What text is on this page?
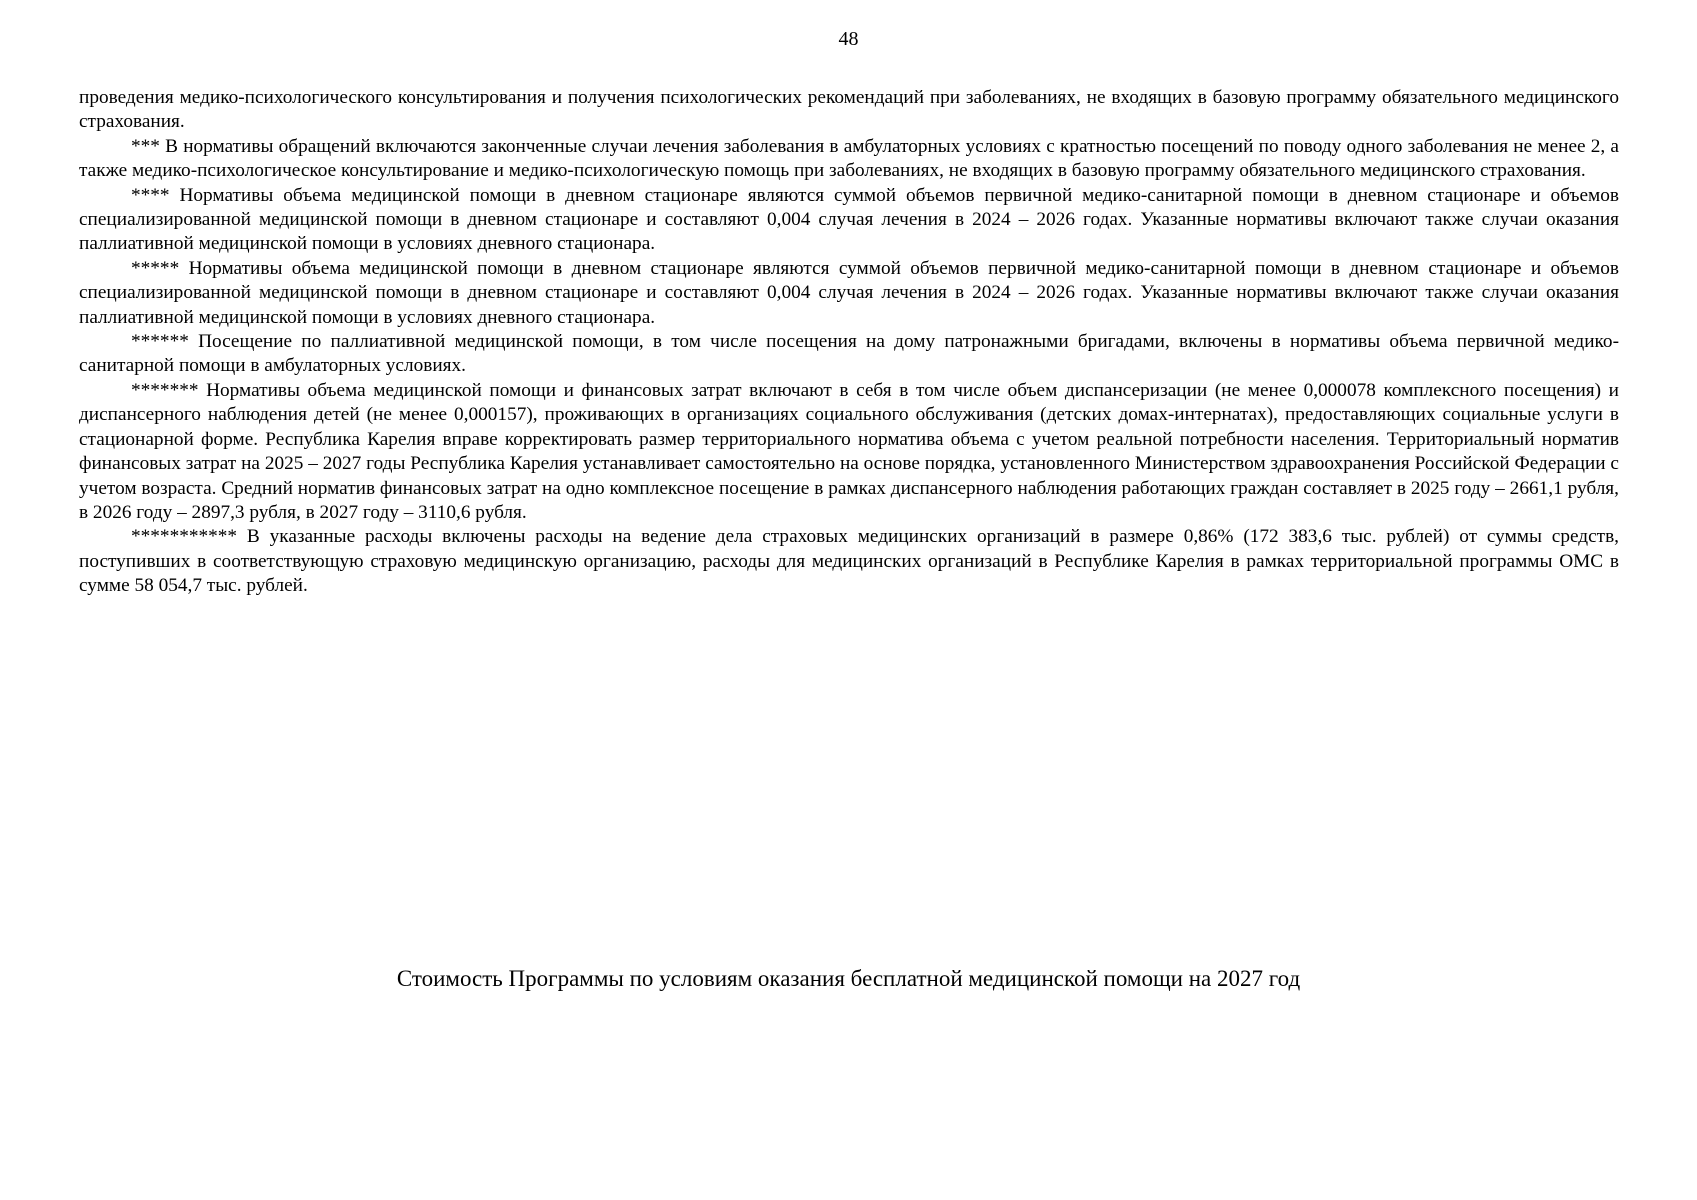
48

проведения медико-психологического консультирования и получения психологических рекомендаций при заболеваниях, не входящих в базовую программу обязательного медицинского страхования.

*** В нормативы обращений включаются законченные случаи лечения заболевания в амбулаторных условиях с кратностью посещений по поводу одного заболевания не менее 2, а также медико-психологическое консультирование и медико-психологическую помощь при заболеваниях, не входящих в базовую программу обязательного медицинского страхования.

**** Нормативы объема медицинской помощи в дневном стационаре являются суммой объемов первичной медико-санитарной помощи в дневном стационаре и объемов специализированной медицинской помощи в дневном стационаре и составляют 0,004 случая лечения в 2024 – 2026 годах. Указанные нормативы включают также случаи оказания паллиативной медицинской помощи в условиях дневного стационара.

***** Нормативы объема медицинской помощи в дневном стационаре являются суммой объемов первичной медико-санитарной помощи в дневном стационаре и объемов специализированной медицинской помощи в дневном стационаре и составляют 0,004 случая лечения в 2024 – 2026 годах. Указанные нормативы включают также случаи оказания паллиативной медицинской помощи в условиях дневного стационара.

****** Посещение по паллиативной медицинской помощи, в том числе посещения на дому патронажными бригадами, включены в нормативы объема первичной медико-санитарной помощи в амбулаторных условиях.

******* Нормативы объема медицинской помощи и финансовых затрат включают в себя в том числе объем диспансеризации (не менее 0,000078 комплексного посещения) и диспансерного наблюдения детей (не менее 0,000157), проживающих в организациях социального обслуживания (детских домах-интернатах), предоставляющих социальные услуги в стационарной форме. Республика Карелия вправе корректировать размер территориального норматива объема с учетом реальной потребности населения. Территориальный норматив финансовых затрат на 2025 – 2027 годы Республика Карелия устанавливает самостоятельно на основе порядка, установленного Министерством здравоохранения Российской Федерации с учетом возраста. Средний норматив финансовых затрат на одно комплексное посещение в рамках диспансерного наблюдения работающих граждан составляет в 2025 году – 2661,1 рубля, в 2026 году – 2897,3 рубля, в 2027 году – 3110,6 рубля.

*********** В указанные расходы включены расходы на ведение дела страховых медицинских организаций в размере 0,86% (172 383,6 тыс. рублей) от суммы средств, поступивших в соответствующую страховую медицинскую организацию, расходы для медицинских организаций в Республике Карелия в рамках территориальной программы ОМС в сумме 58 054,7 тыс. рублей.

Стоимость Программы по условиям оказания бесплатной медицинской помощи на 2027 год
